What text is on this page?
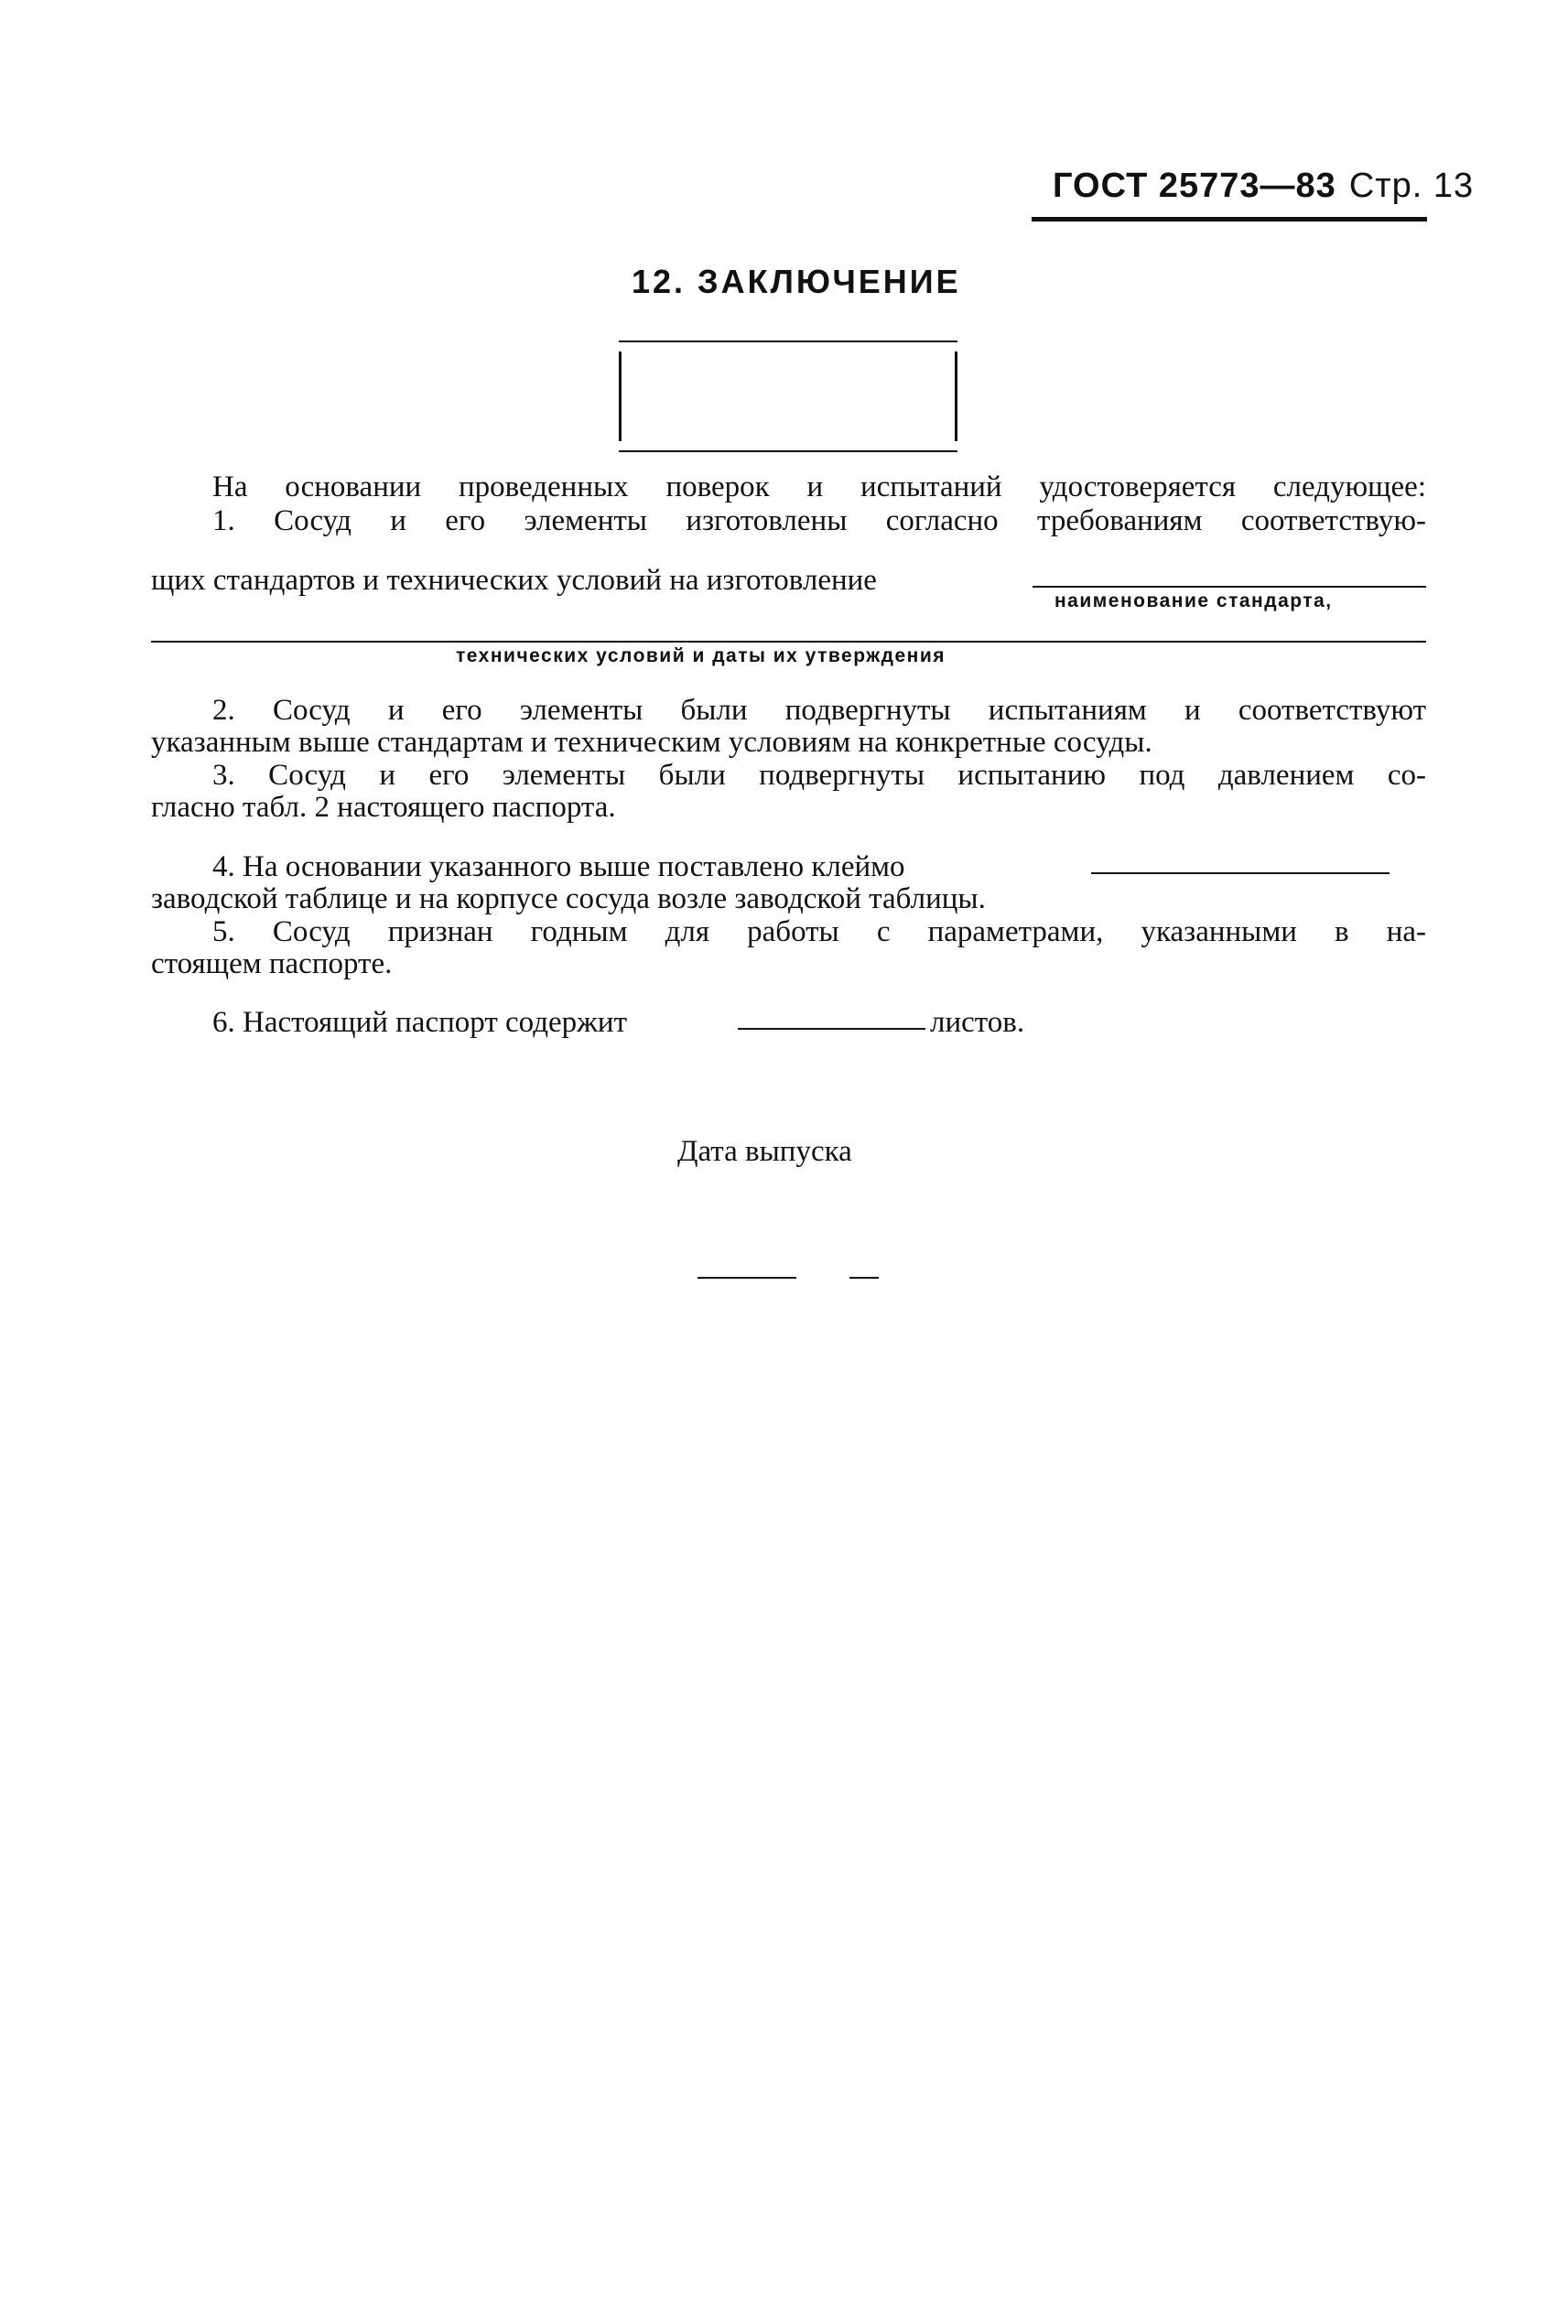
ГОСТ 25773—83 Стр. 13
12. ЗАКЛЮЧЕНИЕ
На основании проведенных поверок и испытаний удостоверяется следующее:
1. Сосуд и его элементы изготовлены согласно требованиям соответствую-
щих стандартов и технических условий на изготовление
наименование стандарта,
технических условий и даты их утверждения
2. Сосуд и его элементы были подвергнуты испытаниям и соответствуют
указанным выше стандартам и техническим условиям на конкретные сосуды.
3. Сосуд и его элементы были подвергнуты испытанию под давлением со-
гласно табл. 2 настоящего паспорта.
4. На основании указанного выше поставлено клеймо
заводской таблице и на корпусе сосуда возле заводской таблицы.
5. Сосуд признан годным для работы с параметрами, указанными в на-
стоящем паспорте.
6. Настоящий паспорт содержит	листов.
Дата выпуска
